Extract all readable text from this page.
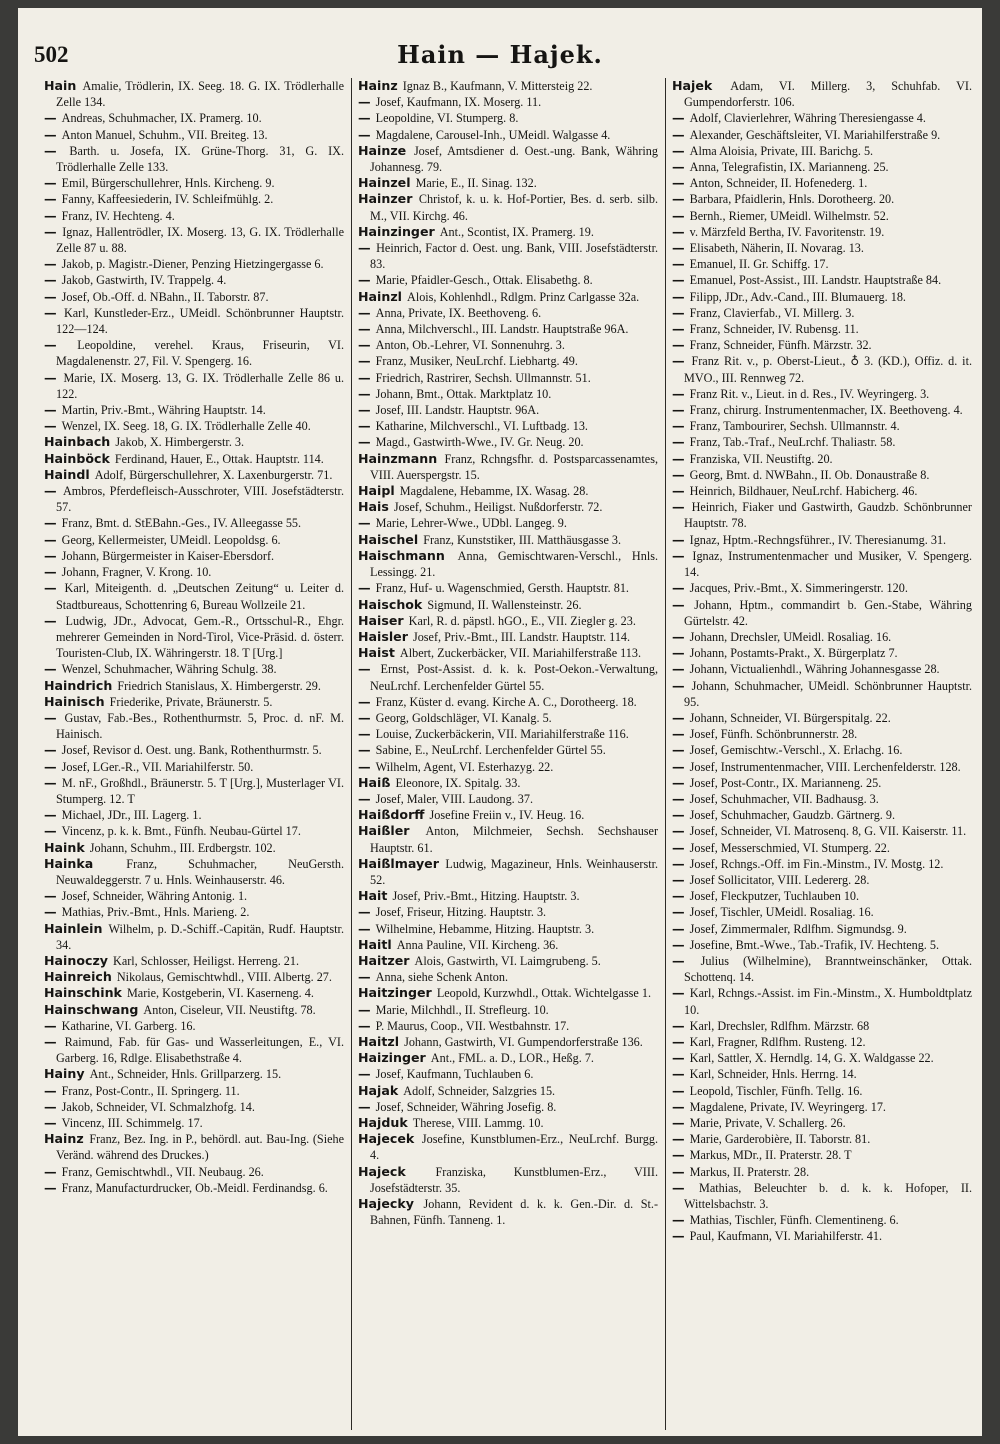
502	Hain — Hajek.

Hain Amalie, Trödlerin, IX. Seeg. 18. G. IX. Trödlerhalle Zelle 134.

— Andreas, Schuhmacher, IX. Pramerg. 10.

— Anton Manuel, Schuhm., VII. Breiteg. 13.

— Barth. u. Josefa, IX. Grüne-Thorg. 31, G. IX. Trödlerhalle Zelle 133.

— Emil, Bürgerschullehrer, Hnls. Kircheng. 9.

— Fanny, Kaffeesiederin, IV. Schleifmühlg. 2.

— Franz, IV. Hechteng. 4.

— Ignaz, Hallentrödler, IX. Moserg. 13, G. IX. Trödlerhalle Zelle 87 u. 88.

— Jakob, p. Magistr.-Diener, Penzing Hietzingergasse 6.

— Jakob, Gastwirth, IV. Trappelg. 4.

— Josef, Ob.-Off. d. NBahn., II. Taborstr. 87.

— Karl, Kunstleder-Erz., UMeidl. Schönbrunner Hauptstr. 122—124.

— Leopoldine, verehel. Kraus, Friseurin, VI. Magdalenenstr. 27, Fil. V. Spengerg. 16.

— Marie, IX. Moserg. 13, G. IX. Trödlerhalle Zelle 86 u. 122.

— Martin, Priv.-Bmt., Währing Hauptstr. 14.

— Wenzel, IX. Seeg. 18, G. IX. Trödlerhalle Zelle 40.

Hainbach Jakob, X. Himbergerstr. 3.

Hainböck Ferdinand, Hauer, E., Ottak. Hauptstr. 114.

Haindl Adolf, Bürgerschullehrer, X. Laxenburgerstr. 71.

— Ambros, Pferdefleisch-Ausschroter, VIII. Josefstädterstr. 57.

— Franz, Bmt. d. StEBahn.-Ges., IV. Alleegasse 55.

— Georg, Kellermeister, UMeidl. Leopoldsg. 6.

— Johann, Bürgermeister in Kaiser-Ebersdorf.

— Johann, Fragner, V. Krong. 10.

— Karl, Miteigenth. d. „Deutschen Zeitung“ u. Leiter d. Stadtbureaus, Schottenring 6, Bureau Wollzeile 21.

— Ludwig, JDr., Advocat, Gem.-R., Ortsschul-R., Ehgr. mehrerer Gemeinden in Nord-Tirol, Vice-Präsid. d. österr. Touristen-Club, IX. Währingerstr. 18. T [Urg.]

— Wenzel, Schuhmacher, Währing Schulg. 38.

Haindrich Friedrich Stanislaus, X. Himbergerstr. 29.

Hainisch Friederike, Private, Bräunerstr. 5.

— Gustav, Fab.-Bes., Rothenthurmstr. 5, Proc. d. nF. M. Hainisch.

— Josef, Revisor d. Oest. ung. Bank, Rothenthurmstr. 5.

— Josef, LGer.-R., VII. Mariahilferstr. 50.

— M. nF., Großhdl., Bräunerstr. 5. T [Urg.], Musterlager VI. Stumperg. 12. T

— Michael, JDr., III. Lagerg. 1.

— Vincenz, p. k. k. Bmt., Fünfh. Neubau-Gürtel 17.

Haink Johann, Schuhm., III. Erdbergstr. 102.

Hainka	Franz, Schuhmacher, NeuGersth. Neuwaldeggerstr. 7 u. Hnls. Weinhauserstr. 46.

— Josef, Schneider, Währing Antonig. 1.

— Mathias, Priv.-Bmt., Hnls. Marieng. 2.

Hainlein Wilhelm, p. D.-Schiff.-Capitän, Rudf. Hauptstr. 34.

Hainoczy Karl, Schlosser, Heiligst. Herreng. 21.

Hainreich Nikolaus, Gemischtwhdl., VIII. Albertg. 27.

Hainschink Marie, Kostgeberin, VI. Kaserneng. 4.

Hainschwang Anton, Ciseleur, VII. Neustiftg. 78.

— Katharine, VI. Garberg. 16.

— Raimund, Fab. für Gas- und Wasserleitungen, E., VI. Garberg. 16, Rdlge. Elisabethstraße 4.

Hainy Ant., Schneider, Hnls. Grillparzerg. 15.

— Franz, Post-Contr., II. Springerg. 11.

— Jakob, Schneider, VI. Schmalzhofg. 14.

— Vincenz, III. Schimmelg. 17.

Hainz Franz, Bez. Ing. in P., behördl. aut. Bau-Ing. (Siehe Veränd. während des Druckes.)

— Franz, Gemischtwhdl., VII. Neubaug. 26.

— Franz, Manufacturdrucker, Ob.-Meidl. Ferdinandsg. 6.

Hainz Ignaz B., Kaufmann, V. Mittersteig 22.

— Josef, Kaufmann, IX. Moserg. 11.

— Leopoldine, VI. Stumperg. 8.

— Magdalene, Carousel-Inh., UMeidl. Walgasse 4.

Hainze Josef, Amtsdiener d. Oest.-ung. Bank, Währing Johannesg. 79.

Hainzel Marie, E., II. Sinag. 132.

Hainzer Christof, k. u. k. Hof-Portier, Bes. d. serb. silb. M., VII. Kirchg. 46.

Hainzinger Ant., Scontist, IX. Pramerg. 19.

— Heinrich, Factor d. Oest. ung. Bank, VIII. Josefstädterstr. 83.

— Marie, Pfaidler-Gesch., Ottak. Elisabethg. 8.

Hainzl Alois, Kohlenhdl., Rdlgm. Prinz Carlgasse 32a.

— Anna, Private, IX. Beethoveng. 6.

— Anna, Milchverschl., III. Landstr. Hauptstraße 96A.

— Anton, Ob.-Lehrer, VI. Sonnenuhrg. 3.

— Franz, Musiker, NeuLrchf. Liebhartg. 49.

— Friedrich, Rastrirer, Sechsh. Ullmannstr. 51.

— Johann, Bmt., Ottak. Marktplatz 10.

— Josef, III. Landstr. Hauptstr. 96A.

— Katharine, Milchverschl., VI. Luftbadg. 13.

— Magd., Gastwirth-Wwe., IV. Gr. Neug. 20.

Hainzmann Franz, Rchngsfhr. d. Postsparcassenamtes, VIII. Auerspergstr. 15.

Haipl Magdalene, Hebamme, IX. Wasag. 28.

Hais Josef, Schuhm., Heiligst. Nußdorferstr. 72.

— Marie, Lehrer-Wwe., UDbl. Langeg. 9.

Haischel Franz, Kunststiker, III. Matthäusgasse 3.

Haischmann Anna, Gemischtwaren-Verschl., Hnls. Lessingg. 21.

— Franz, Huf- u. Wagenschmied, Gersth. Hauptstr. 81.

Haischok Sigmund, II. Wallensteinstr. 26.

Haiser Karl, R. d. päpstl. hGO., E., VII. Ziegler g. 23.

Haisler Josef, Priv.-Bmt., III. Landstr. Hauptstr. 114.

Haist Albert, Zuckerbäcker, VII. Mariahilferstraße 113.

— Ernst, Post-Assist. d. k. k. Post-Oekon.-Verwaltung, NeuLrchf. Lerchenfelder Gürtel 55.

— Franz, Küster d. evang. Kirche A. C., Dorotheerg. 18.

— Georg, Goldschläger, VI. Kanalg. 5.

— Louise, Zuckerbäckerin, VII. Mariahilferstraße 116.

— Sabine, E., NeuLrchf. Lerchenfelder Gürtel 55.

— Wilhelm, Agent, VI. Esterhazyg. 22.

Haiß Eleonore, IX. Spitalg. 33.

— Josef, Maler, VIII. Laudong. 37.

Haißdorff Josefine Freiin v., IV. Heug. 16.

Haißler Anton, Milchmeier, Sechsh. Sechshauser Hauptstr. 61.

Haißlmayer Ludwig, Magazineur, Hnls. Weinhauserstr. 52.

Hait Josef, Priv.-Bmt., Hitzing. Hauptstr. 3.

— Josef, Friseur, Hitzing. Hauptstr. 3.

— Wilhelmine, Hebamme, Hitzing. Hauptstr. 3.

Haitl Anna Pauline, VII. Kircheng. 36.

Haitzer Alois, Gastwirth, VI. Laimgrubeng. 5.

— Anna, siehe Schenk Anton.

Haitzinger Leopold, Kurzwhdl., Ottak. Wichtelgasse 1.

— Marie, Milchhdl., II. Strefleurg. 10.

— P. Maurus, Coop., VII. Westbahnstr. 17.

Haitzl Johann, Gastwirth, VI. Gumpendorferstraße 136.

Haizinger Ant., FML. a. D., LOR., Heßg. 7.

— Josef, Kaufmann, Tuchlauben 6.

Hajak Adolf, Schneider, Salzgries 15.

— Josef, Schneider, Währing Josefig. 8.

Hajduk Therese, VIII. Lammg. 10.

Hajecek Josefine, Kunstblumen-Erz., NeuLrchf. Burgg. 4.

Hajeck Franziska, Kunstblumen-Erz., VIII. Josefstädterstr. 35.

Hajecky Johann, Revident d. k. k. Gen.-Dir. d. St.-Bahnen, Fünfh. Tanneng. 1.

Hajek Adam, VI. Millerg. 3, Schuhfab. VI. Gumpendorferstr. 106.

— Adolf, Clavierlehrer, Währing Theresiengasse 4.

— Alexander, Geschäftsleiter, VI. Mariahilferstraße 9.

— Alma Aloisia, Private, III. Barichg. 5.

— Anna, Telegrafistin, IX. Marianneng. 25.

— Anton, Schneider, II. Hofenederg. 1.

— Barbara, Pfaidlerin, Hnls. Dorotheerg. 20.

— Bernh., Riemer, UMeidl. Wilhelmstr. 52.

— v. Märzfeld Bertha, IV. Favoritenstr. 19.

— Elisabeth, Näherin, II. Novarag. 13.

— Emanuel, II. Gr. Schiffg. 17.

— Emanuel, Post-Assist., III. Landstr. Hauptstraße 84.

— Filipp, JDr., Adv.-Cand., III. Blumauerg. 18.

— Franz, Clavierfab., VI. Millerg. 3.

— Franz, Schneider, IV. Rubensg. 11.

— Franz, Schneider, Fünfh. Märzstr. 32.

— Franz Rit. v., p. Oberst-Lieut., ♁ 3. (KD.), Offiz. d. it. MVO., III. Rennweg 72.

— Franz Rit. v., Lieut. in d. Res., IV. Weyringerg. 3.

— Franz, chirurg. Instrumentenmacher, IX. Beethoveng. 4.

— Franz, Tambourirer, Sechsh. Ullmannstr. 4.

— Franz, Tab.-Traf., NeuLrchf. Thaliastr. 58.

— Franziska, VII. Neustiftg. 20.

— Georg, Bmt. d. NWBahn., II. Ob. Donaustraße 8.

— Heinrich, Bildhauer, NeuLrchf. Habicherg. 46.

— Heinrich, Fiaker und Gastwirth, Gaudzb. Schönbrunner Hauptstr. 78.

— Ignaz, Hptm.-Rechngsführer., IV. Theresianumg. 31.

— Ignaz, Instrumentenmacher und Musiker, V. Spengerg. 14.

— Jacques, Priv.-Bmt., X. Simmeringerstr. 120.

— Johann, Hptm., commandirt b. Gen.-Stabe, Währing Gürtelstr. 42.

— Johann, Drechsler, UMeidl. Rosaliag. 16.

— Johann, Postamts-Prakt., X. Bürgerplatz 7.

— Johann, Victualienhdl., Währing Johannesgasse 28.

— Johann, Schuhmacher, UMeidl. Schönbrunner Hauptstr. 95.

— Johann, Schneider, VI. Bürgerspitalg. 22.

— Josef, Fünfh. Schönbrunnerstr. 28.

— Josef, Gemischtw.-Verschl., X. Erlachg. 16.

— Josef, Instrumentenmacher, VIII. Lerchenfelderstr. 128.

— Josef, Post-Contr., IX. Marianneng. 25.

— Josef, Schuhmacher, VII. Badhausg. 3.

— Josef, Schuhmacher, Gaudzb. Gärtnerg. 9.

— Josef, Schneider, VI. Matrosenq. 8, G. VII. Kaiserstr. 11.

— Josef, Messerschmied, VI. Stumperg. 22.

— Josef, Rchngs.-Off. im Fin.-Minstm., IV. Mostg. 12.

— Josef Sollicitator, VIII. Ledererg. 28.

— Josef, Fleckputzer, Tuchlauben 10.

— Josef, Tischler, UMeidl. Rosaliag. 16.

— Josef, Zimmermaler, Rdlfhm. Sigmundsg. 9.

— Josefine, Bmt.-Wwe., Tab.-Trafik, IV. Hechteng. 5.

— Julius (Wilhelmine), Branntweinschänker, Ottak. Schottenq. 14.

— Karl, Rchngs.-Assist. im Fin.-Minstm., X. Humboldtplatz 10.

— Karl, Drechsler, Rdlfhm. Märzstr. 68

— Karl, Fragner, Rdlfhm. Rusteng. 12.

— Karl, Sattler, X. Herndlg. 14, G. X. Waldgasse 22.

— Karl, Schneider, Hnls. Herrng. 14.

— Leopold, Tischler, Fünfh. Tellg. 16.

— Magdalene, Private, IV. Weyringerg. 17.

— Marie, Private, V. Schallerg. 26.

— Marie, Garderobière, II. Taborstr. 81.

— Markus, MDr., II. Praterstr. 28. T

— Markus, II. Praterstr. 28.

— Mathias, Beleuchter b. d. k. k. Hofoper, II. Wittelsbachstr. 3.

— Mathias, Tischler, Fünfh. Clementineng. 6.

— Paul, Kaufmann, VI. Mariahilferstr. 41.
